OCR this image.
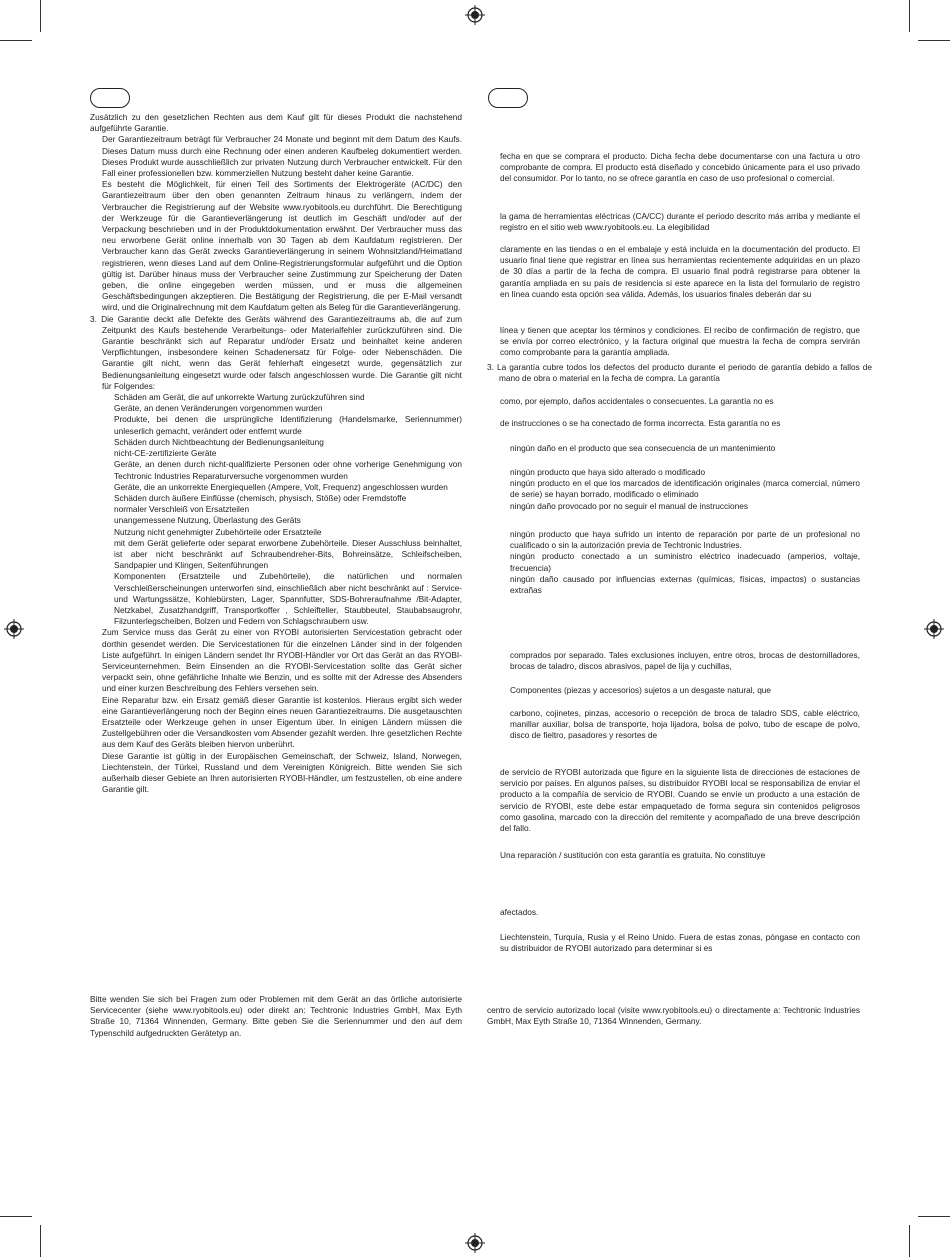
Zusätzlich zu den gesetzlichen Rechten aus dem Kauf gilt für dieses Produkt die nachstehend aufgeführte Garantie.

Der Garantiezeitraum beträgt für Verbraucher 24 Monate und beginnt mit dem Datum des Kaufs. Dieses Datum muss durch eine Rechnung oder einen anderen Kaufbeleg dokumentiert werden. Dieses Produkt wurde ausschließlich zur privaten Nutzung durch Verbraucher entwickelt. Für den Fall einer professionellen bzw. kommerziellen Nutzung besteht daher keine Garantie.

Es besteht die Möglichkeit, für einen Teil des Sortiments der Elektrogeräte (AC/DC) den Garantiezeitraum über den oben genannten Zeitraum hinaus zu verlängern, indem der Verbraucher die Registrierung auf der Website www.ryobitools.eu durchführt. Die Berechtigung der Werkzeuge für die Garantieverlängerung ist deutlich im Geschäft und/oder auf der Verpackung beschrieben und in der Produktdokumentation erwähnt. Der Verbraucher muss das neu erworbene Gerät online innerhalb von 30 Tagen ab dem Kaufdatum registrieren. Der Verbraucher kann das Gerät zwecks Garantieverlängerung in seinem Wohnsitzland/Heimatland registrieren, wenn dieses Land auf dem Online-Registrierungsformular aufgeführt und die Option gültig ist. Darüber hinaus muss der Verbraucher seine Zustimmung zur Speicherung der Daten geben, die online eingegeben werden müssen, und er muss die allgemeinen Geschäftsbedingungen akzeptieren. Die Bestätigung der Registrierung, die per E-Mail versandt wird, und die Originalrechnung mit dem Kaufdatum gelten als Beleg für die Garantieverlängerung.

3. Die Garantie deckt alle Defekte des Geräts während des Garantiezeitraums ab, die auf zum Zeitpunkt des Kaufs bestehende Verarbeitungs- oder Materialfehler zurückzuführen sind. Die Garantie beschränkt sich auf Reparatur und/oder Ersatz und beinhaltet keine anderen Verpflichtungen, insbesondere keinen Schadenersatz für Folge- oder Nebenschäden. Die Garantie gilt nicht, wenn das Gerät fehlerhaft eingesetzt wurde, gegensätzlich zur Bedienungsanleitung eingesetzt wurde oder falsch angeschlossen wurde. Die Garantie gilt nicht für Folgendes:

Schäden am Gerät, die auf unkorrekte Wartung zurückzuführen sind

Geräte, an denen Veränderungen vorgenommen wurden

Produkte, bei denen die ursprüngliche Identifizierung (Handelsmarke, Seriennummer) unleserlich gemacht, verändert oder entfernt wurde

Schäden durch Nichtbeachtung der Bedienungsanleitung

nicht-CE-zertifizierte Geräte

Geräte, an denen durch nicht-qualifizierte Personen oder ohne vorherige Genehmigung von Techtronic Industries Reparaturversuche vorgenommen wurden

Geräte, die an unkorrekte Energiequellen (Ampere, Volt, Frequenz) angeschlossen wurden

Schäden durch äußere Einflüsse (chemisch, physisch, Stöße) oder Fremdstoffe

normaler Verschleiß von Ersatzteilen

unangemessene Nutzung, Überlastung des Geräts

Nutzung nicht genehmigter Zubehörteile oder Ersatzteile

mit dem Gerät gelieferte oder separat erworbene Zubehörteile. Dieser Ausschluss beinhaltet, ist aber nicht beschränkt auf Schraubendreher-Bits, Bohreinsätze, Schleifscheiben, Sandpapier und Klingen, Seitenführungen

Komponenten (Ersatzteile und Zubehörteile), die natürlichen und normalen Verschleißerscheinungen unterworfen sind, einschließlich aber nicht beschränkt auf : Service- und Wartungssätze, Kohlebürsten, Lager, Spannfutter, SDS-Bohreraufnahme /Bit-Adapter, Netzkabel, Zusatzhandgriff, Transportkoffer , Schleifteller, Staubbeutel, Staubabsaugrohr, Filzunterlegscheiben, Bolzen und Federn von Schlagschraubern usw.

Zum Service muss das Gerät zu einer von RYOBI autorisierten Servicestation gebracht oder dorthin gesendet werden. Die Servicestationen für die einzelnen Länder sind in der folgenden Liste aufgeführt. In einigen Ländern sendet Ihr RYOBI-Händler vor Ort das Gerät an das RYOBI-Serviceunternehmen. Beim Einsenden an die RYOBI-Servicestation sollte das Gerät sicher verpackt sein, ohne gefährliche Inhalte wie Benzin, und es sollte mit der Adresse des Absenders und einer kurzen Beschreibung des Fehlers versehen sein.

Eine Reparatur bzw. ein Ersatz gemäß dieser Garantie ist kostenlos. Hieraus ergibt sich weder eine Garantieverlängerung noch der Beginn eines neuen Garantiezeitraums. Die ausgetauschten Ersatzteile oder Werkzeuge gehen in unser Eigentum über. In einigen Ländern müssen die Zustellgebühren oder die Versandkosten vom Absender gezahlt werden. Ihre gesetzlichen Rechte aus dem Kauf des Geräts bleiben hiervon unberührt.

Diese Garantie ist gültig in der Europäischen Gemeinschaft, der Schweiz, Island, Norwegen, Liechtenstein, der Türkei, Russland und dem Vereinigten Königreich. Bitte wenden Sie sich außerhalb dieser Gebiete an Ihren autorisierten RYOBI-Händler, um festzustellen, ob eine andere Garantie gilt.

Bitte wenden Sie sich bei Fragen zum oder Problemen mit dem Gerät an das örtliche autorisierte Servicecenter (siehe www.ryobitools.eu) oder direkt an: Techtronic Industries GmbH, Max Eyth Straße 10, 71364 Winnenden, Germany. Bitte geben Sie die Seriennummer und den auf dem Typenschild aufgedruckten Gerätetyp an.

fecha en que se comprara el producto. Dicha fecha debe documentarse con una factura u otro comprobante de compra. El producto está diseñado y concebido únicamente para el uso privado del consumidor. Por lo tanto, no se ofrece garantía en caso de uso profesional o comercial.

la gama de herramientas eléctricas (CA/CC) durante el periodo descrito más arriba y mediante el registro en el sitio web www.ryobitools.eu. La elegibilidad

claramente en las tiendas o en el embalaje y está incluida en la documentación del producto. El usuario final tiene que registrar en línea sus herramientas recientemente adquiridas en un plazo de 30 días a partir de la fecha de compra. El usuario final podrá registrarse para obtener la garantía ampliada en su país de residencia si este aparece en la lista del formulario de registro en línea cuando esta opción sea válida. Además, los usuarios finales deberán dar su

línea y tienen que aceptar los términos y condiciones. El recibo de confirmación de registro, que se envía por correo electrónico, y la factura original que muestra la fecha de compra servirán como comprobante para la garantía ampliada.

3. La garantía cubre todos los defectos del producto durante el periodo de garantía debido a fallos de mano de obra o material en la fecha de compra. La garantía

como, por ejemplo, daños accidentales o consecuentes. La garantía no es

de instrucciones o se ha conectado de forma incorrecta. Esta garantía no es

ningún daño en el producto que sea consecuencia de un mantenimiento

ningún producto que haya sido alterado o modificado

ningún producto en el que los marcados de identificación originales (marca comercial, número de serie) se hayan borrado, modificado o eliminado

ningún daño provocado por no seguir el manual de instrucciones

ningún producto que haya sufrido un intento de reparación por parte de un profesional no cualificado o sin la autorización previa de Techtronic Industries.

ningún producto conectado a un suministro eléctrico inadecuado (amperios, voltaje, frecuencia)

ningún daño causado por influencias externas (químicas, físicas, impactos) o sustancias extrañas

comprados por separado. Tales exclusiones incluyen, entre otros, brocas de destornilladores, brocas de taladro, discos abrasivos, papel de lija y cuchillas,

Componentes (piezas y accesorios) sujetos a un desgaste natural, que

carbono, cojinetes, pinzas, accesorio o recepción de broca de taladro SDS, cable eléctrico, manillar auxiliar, bolsa de transporte, hoja lijadora, bolsa de polvo, tubo de escape de polvo, disco de fieltro, pasadores y resortes de

de servicio de RYOBI autorizada que figure en la siguiente lista de direcciones de estaciones de servicio por países. En algunos países, su distribuidor RYOBI local se responsabiliza de enviar el producto a la compañía de servicio de RYOBI. Cuando se envíe un producto a una estación de servicio de RYOBI, este debe estar empaquetado de forma segura sin contenidos peligrosos como gasolina, marcado con la dirección del remitente y acompañado de una breve descripción del fallo.

Una reparación / sustitución con esta garantía es gratuita. No constituye

afectados.

Liechtenstein, Turquía, Rusia y el Reino Unido. Fuera de estas zonas, póngase en contacto con su distribuidor de RYOBI autorizado para determinar si es

centro de servicio autorizado local (visite www.ryobitools.eu) o directamente a: Techtronic Industries GmbH, Max Eyth Straße 10, 71364 Winnenden, Germany.
